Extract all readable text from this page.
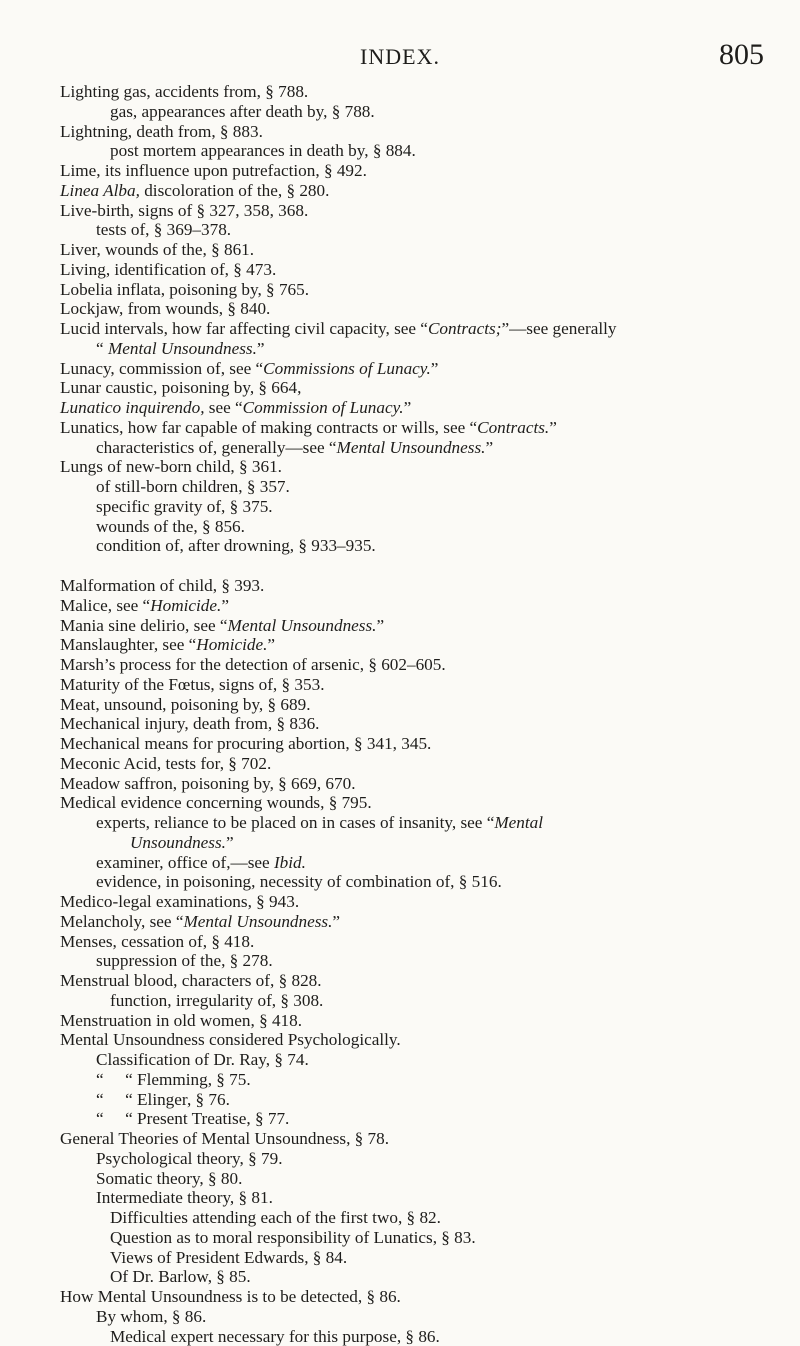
INDEX.	805
Lighting gas, accidents from, § 788.
gas, appearances after death by, § 788.
Lightning, death from, § 883.
post mortem appearances in death by, § 884.
Lime, its influence upon putrefaction, § 492.
Linea Alba, discoloration of the, § 280.
Live-birth, signs of § 327, 358, 368.
tests of, § 369–378.
Liver, wounds of the, § 861.
Living, identification of, § 473.
Lobelia inflata, poisoning by, § 765.
Lockjaw, from wounds, § 840.
Lucid intervals, how far affecting civil capacity, see “Contracts;”—see generally
“ Mental Unsoundness.”
Lunacy, commission of, see “Commissions of Lunacy.”
Lunar caustic, poisoning by, § 664,
Lunatico inquirendo, see “Commission of Lunacy.”
Lunatics, how far capable of making contracts or wills, see “Contracts.”
characteristics of, generally—see “Mental Unsoundness.”
Lungs of new-born child, § 361.
of still-born children, § 357.
specific gravity of, § 375.
wounds of the, § 856.
condition of, after drowning, § 933–935.
Malformation of child, § 393.
Malice, see “Homicide.”
Mania sine delirio, see “Mental Unsoundness.”
Manslaughter, see “Homicide.”
Marsh’s process for the detection of arsenic, § 602–605.
Maturity of the Fœtus, signs of, § 353.
Meat, unsound, poisoning by, § 689.
Mechanical injury, death from, § 836.
Mechanical means for procuring abortion, § 341, 345.
Meconic Acid, tests for, § 702.
Meadow saffron, poisoning by, § 669, 670.
Medical evidence concerning wounds, § 795.
experts, reliance to be placed on in cases of insanity, see “Mental
Unsoundness.”
examiner, office of,—see Ibid.
evidence, in poisoning, necessity of combination of, § 516.
Medico-legal examinations, § 943.
Melancholy, see “Mental Unsoundness.”
Menses, cessation of, § 418.
suppression of the, § 278.
Menstrual blood, characters of, § 828.
function, irregularity of, § 308.
Menstruation in old women, § 418.
Mental Unsoundness considered Psychologically.
Classification of Dr. Ray, § 74.
“     “ Flemming, § 75.
“     “ Elinger, § 76.
“     “ Present Treatise, § 77.
General Theories of Mental Unsoundness, § 78.
Psychological theory, § 79.
Somatic theory, § 80.
Intermediate theory, § 81.
Difficulties attending each of the first two, § 82.
Question as to moral responsibility of Lunatics, § 83.
Views of President Edwards, § 84.
Of Dr. Barlow, § 85.
How Mental Unsoundness is to be detected, § 86.
By whom, § 86.
Medical expert necessary for this purpose, § 86.
